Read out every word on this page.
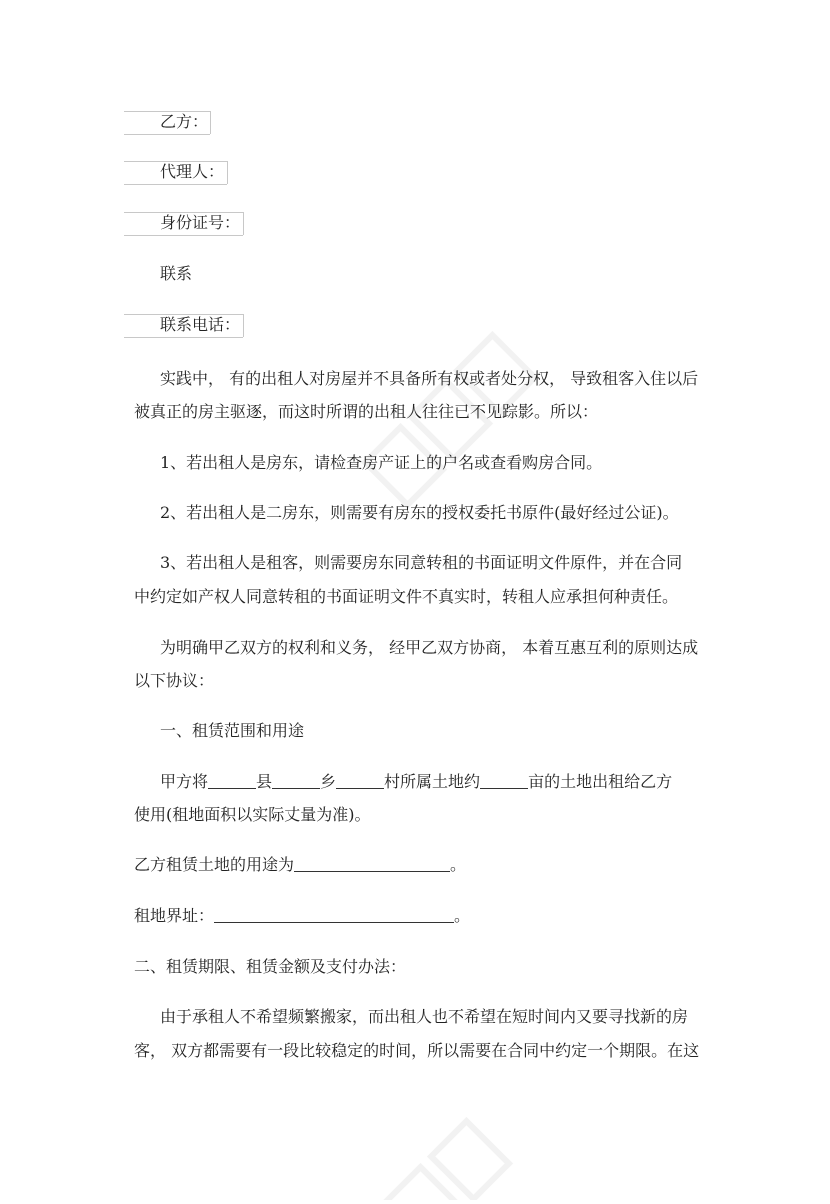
乙方：
代理人：
身份证号：
联系
联系电话：
实践中， 有的出租人对房屋并不具备所有权或者处分权， 导致租客入住以后
被真正的房主驱逐，而这时所谓的出租人往往已不见踪影。所以：
1、若出租人是房东，请检查房产证上的户名或查看购房合同。
2、若出租人是二房东，则需要有房东的授权委托书原件(最好经过公证)。
3、若出租人是租客，则需要房东同意转租的书面证明文件原件，并在合同
中约定如产权人同意转租的书面证明文件不真实时，转租人应承担何种责任。
为明确甲乙双方的权利和义务， 经甲乙双方协商， 本着互惠互利的原则达成
以下协议：
一、租赁范围和用途
甲方将	县	乡	村所属土地约	亩的土地出租给乙方
使用(租地面积以实际丈量为准)。
乙方租赁土地的用途为	。
租地界址：	。
二、租赁期限、租赁金额及支付办法：
由于承租人不希望频繁搬家，而出租人也不希望在短时间内又要寻找新的房
客， 双方都需要有一段比较稳定的时间，所以需要在合同中约定一个期限。在这
